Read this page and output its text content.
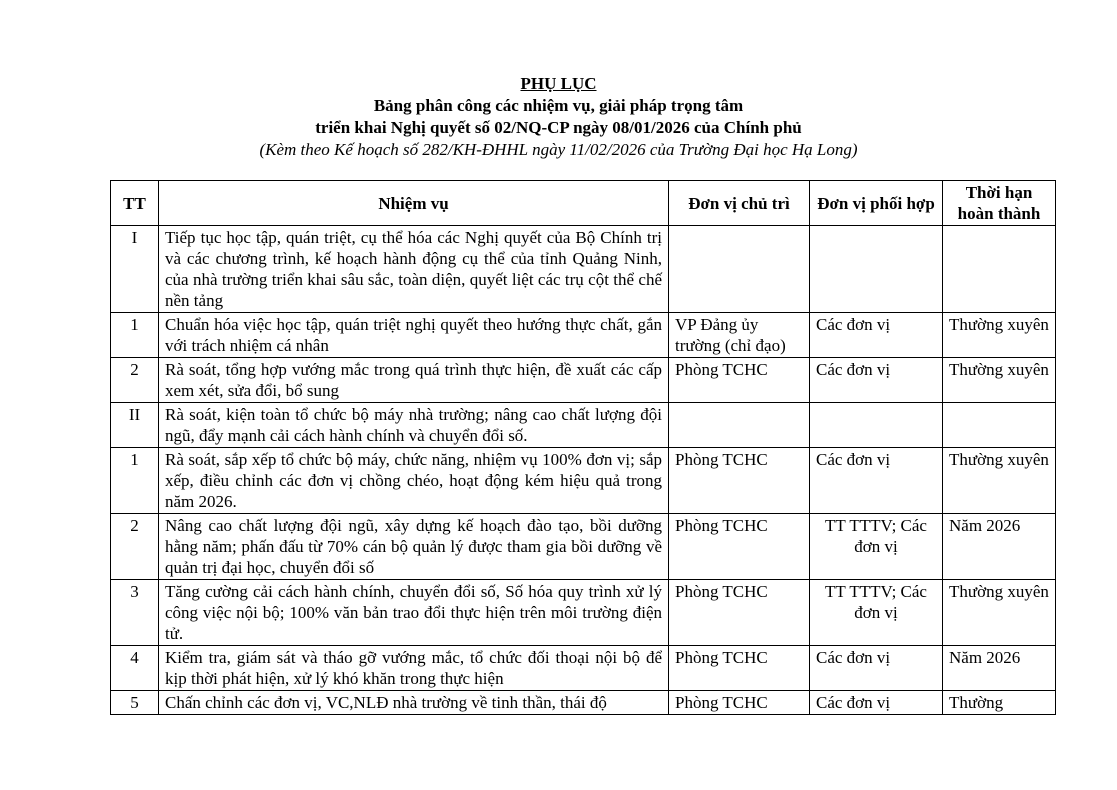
PHỤ LỤC
Bảng phân công các nhiệm vụ, giải pháp trọng tâm
triển khai Nghị quyết số 02/NQ-CP ngày 08/01/2026 của Chính phủ
(Kèm theo Kế hoạch số 282/KH-ĐHHL ngày 11/02/2026 của Trường Đại học Hạ Long)
TT	Nhiệm vụ	Đơn vị chủ trì	Đơn vị phối hợp	Thời hạn hoàn thành
I	Tiếp tục học tập, quán triệt, cụ thể hóa các Nghị quyết của Bộ Chính trị và các chương trình, kế hoạch hành động cụ thể của tỉnh Quảng Ninh, của nhà trường triển khai sâu sắc, toàn diện, quyết liệt các trụ cột thể chế nền tảng			
1	Chuẩn hóa việc học tập, quán triệt nghị quyết theo hướng thực chất, gắn với trách nhiệm cá nhân	VP Đảng ủy trường (chỉ đạo)	Các đơn vị	Thường xuyên
2	Rà soát, tổng hợp vướng mắc trong quá trình thực hiện, đề xuất các cấp xem xét, sửa đổi, bổ sung	Phòng TCHC	Các đơn vị	Thường xuyên
II	Rà soát, kiện toàn tổ chức bộ máy nhà trường; nâng cao chất lượng đội ngũ, đẩy mạnh cải cách hành chính và chuyển đổi số.			
1	Rà soát, sắp xếp tổ chức bộ máy, chức năng, nhiệm vụ 100% đơn vị; sắp xếp, điều chỉnh các đơn vị chồng chéo, hoạt động kém hiệu quả trong năm 2026.	Phòng TCHC	Các đơn vị	Thường xuyên
2	Nâng cao chất lượng đội ngũ, xây dựng kế hoạch đào tạo, bồi dưỡng hằng năm; phấn đấu từ 70% cán bộ quản lý được tham gia bồi dưỡng về quản trị đại học, chuyển đổi số	Phòng TCHC	TT TTTV; Các đơn vị	Năm 2026
3	Tăng cường cải cách hành chính, chuyển đổi số, Số hóa quy trình xử lý công việc nội bộ; 100% văn bản trao đổi thực hiện trên môi trường điện tử.	Phòng TCHC	TT TTTV; Các đơn vị	Thường xuyên
4	Kiểm tra, giám sát và tháo gỡ vướng mắc, tổ chức đối thoại nội bộ để kịp thời phát hiện, xử lý khó khăn trong thực hiện	Phòng TCHC	Các đơn vị	Năm 2026
5	Chấn chỉnh các đơn vị, VC,NLĐ nhà trường về tinh thần, thái độ	Phòng TCHC	Các đơn vị	Thường
